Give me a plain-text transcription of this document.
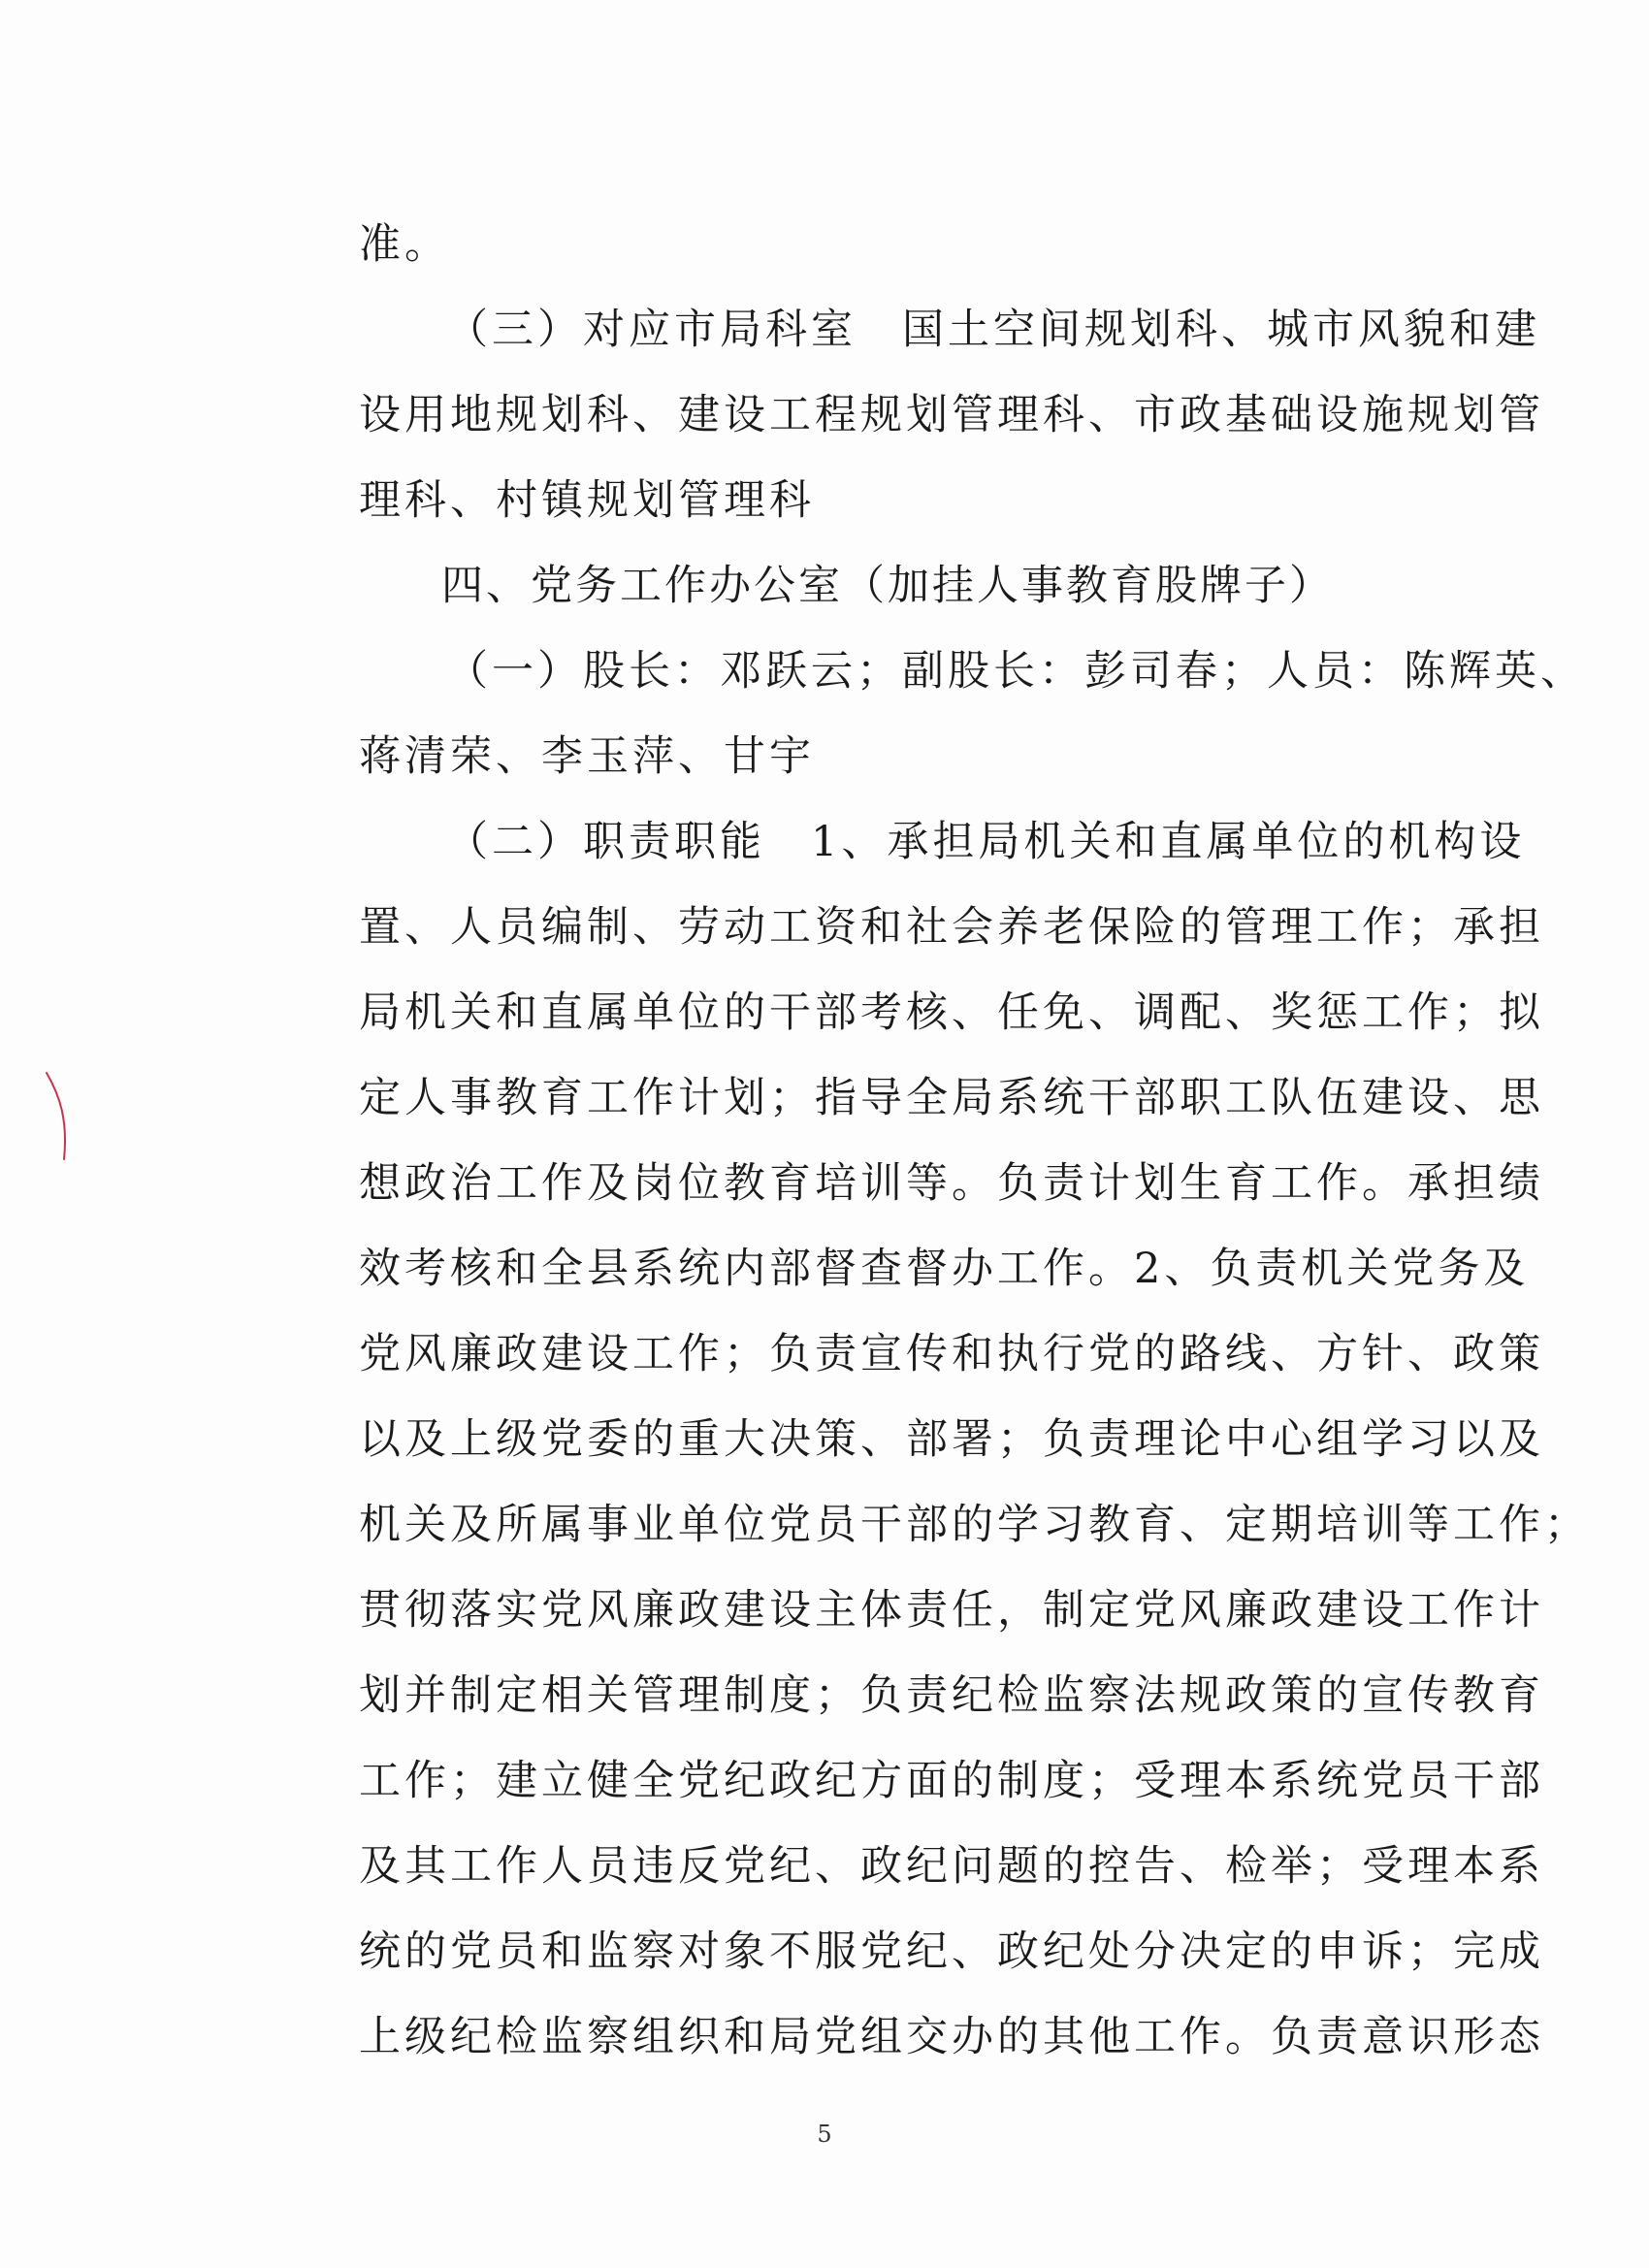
准。
（三）对应市局科室　国土空间规划科、城市风貌和建
设用地规划科、建设工程规划管理科、市政基础设施规划管
理科、村镇规划管理科
四、党务工作办公室（加挂人事教育股牌子）
（一）股长：邓跃云；副股长：彭司春；人员：陈辉英、
蒋清荣、李玉萍、甘宇
（二）职责职能　1、承担局机关和直属单位的机构设
置、人员编制、劳动工资和社会养老保险的管理工作；承担
局机关和直属单位的干部考核、任免、调配、奖惩工作；拟
定人事教育工作计划；指导全局系统干部职工队伍建设、思
想政治工作及岗位教育培训等。负责计划生育工作。承担绩
效考核和全县系统内部督查督办工作。2、负责机关党务及
党风廉政建设工作；负责宣传和执行党的路线、方针、政策
以及上级党委的重大决策、部署；负责理论中心组学习以及
机关及所属事业单位党员干部的学习教育、定期培训等工作；
贯彻落实党风廉政建设主体责任，制定党风廉政建设工作计
划并制定相关管理制度；负责纪检监察法规政策的宣传教育
工作；建立健全党纪政纪方面的制度；受理本系统党员干部
及其工作人员违反党纪、政纪问题的控告、检举；受理本系
统的党员和监察对象不服党纪、政纪处分决定的申诉；完成
上级纪检监察组织和局党组交办的其他工作。负责意识形态
5
